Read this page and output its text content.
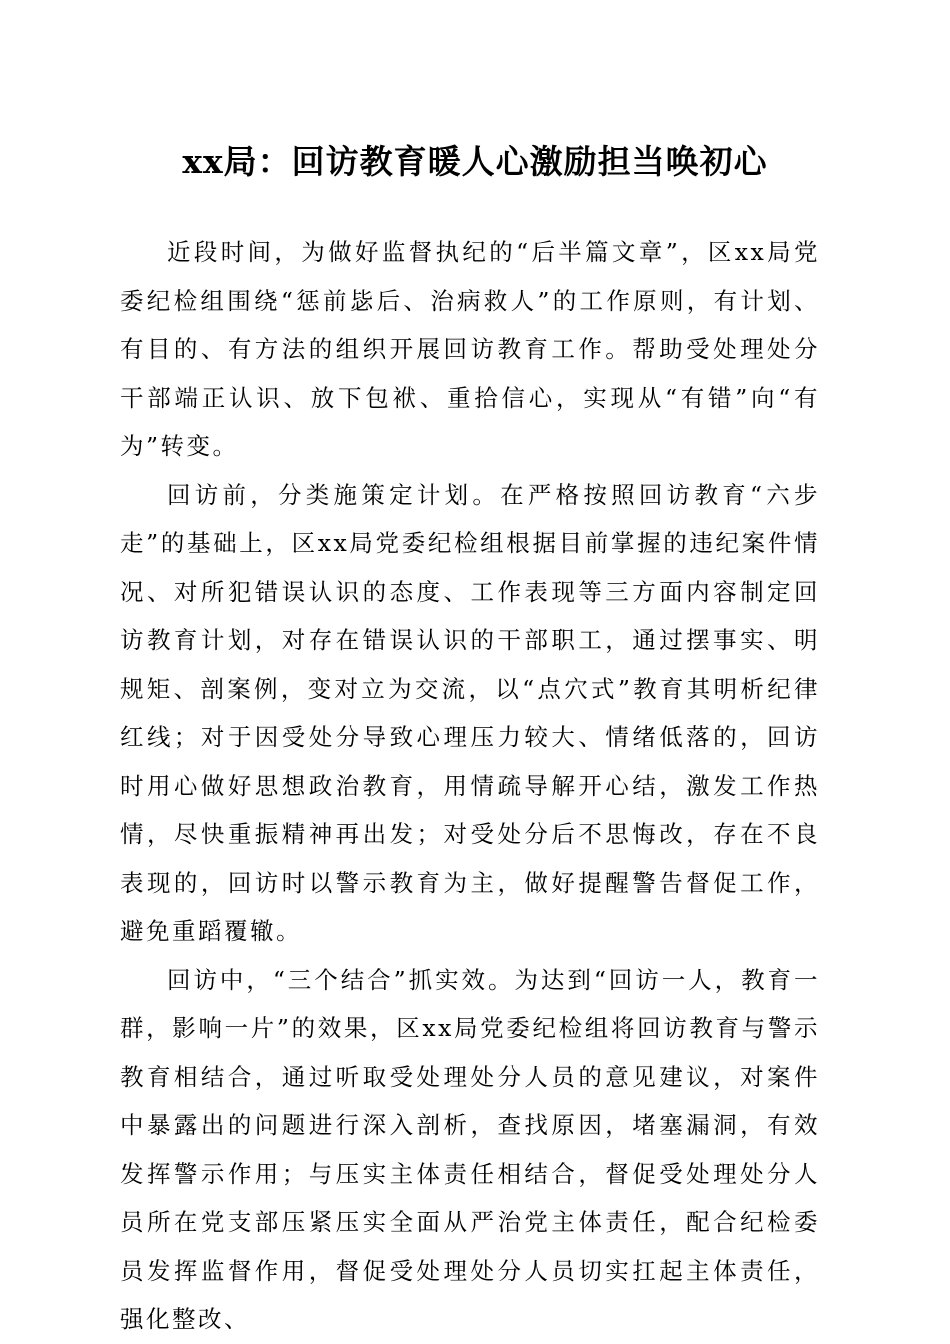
xx局：回访教育暖人心激励担当唤初心

近段时间，为做好监督执纪的“后半篇文章”，区xx局党委纪检组围绕“惩前毖后、治病救人”的工作原则，有计划、有目的、有方法的组织开展回访教育工作。帮助受处理处分干部端正认识、放下包袱、重拾信心，实现从“有错”向“有为”转变。

回访前，分类施策定计划。在严格按照回访教育“六步走”的基础上，区xx局党委纪检组根据目前掌握的违纪案件情况、对所犯错误认识的态度、工作表现等三方面内容制定回访教育计划，对存在错误认识的干部职工，通过摆事实、明规矩、剖案例，变对立为交流，以“点穴式”教育其明析纪律红线；对于因受处分导致心理压力较大、情绪低落的，回访时用心做好思想政治教育，用情疏导解开心结，激发工作热情，尽快重振精神再出发；对受处分后不思悔改，存在不良表现的，回访时以警示教育为主，做好提醒警告督促工作，避免重蹈覆辙。

回访中，“三个结合”抓实效。为达到“回访一人，教育一群，影响一片”的效果，区xx局党委纪检组将回访教育与警示教育相结合，通过听取受处理处分人员的意见建议，对案件中暴露出的问题进行深入剖析，查找原因，堵塞漏洞，有效发挥警示作用；与压实主体责任相结合，督促受处理处分人员所在党支部压紧压实全面从严治党主体责任，配合纪检委员发挥监督作用，督促受处理处分人员切实扛起主体责任，强化整改、
